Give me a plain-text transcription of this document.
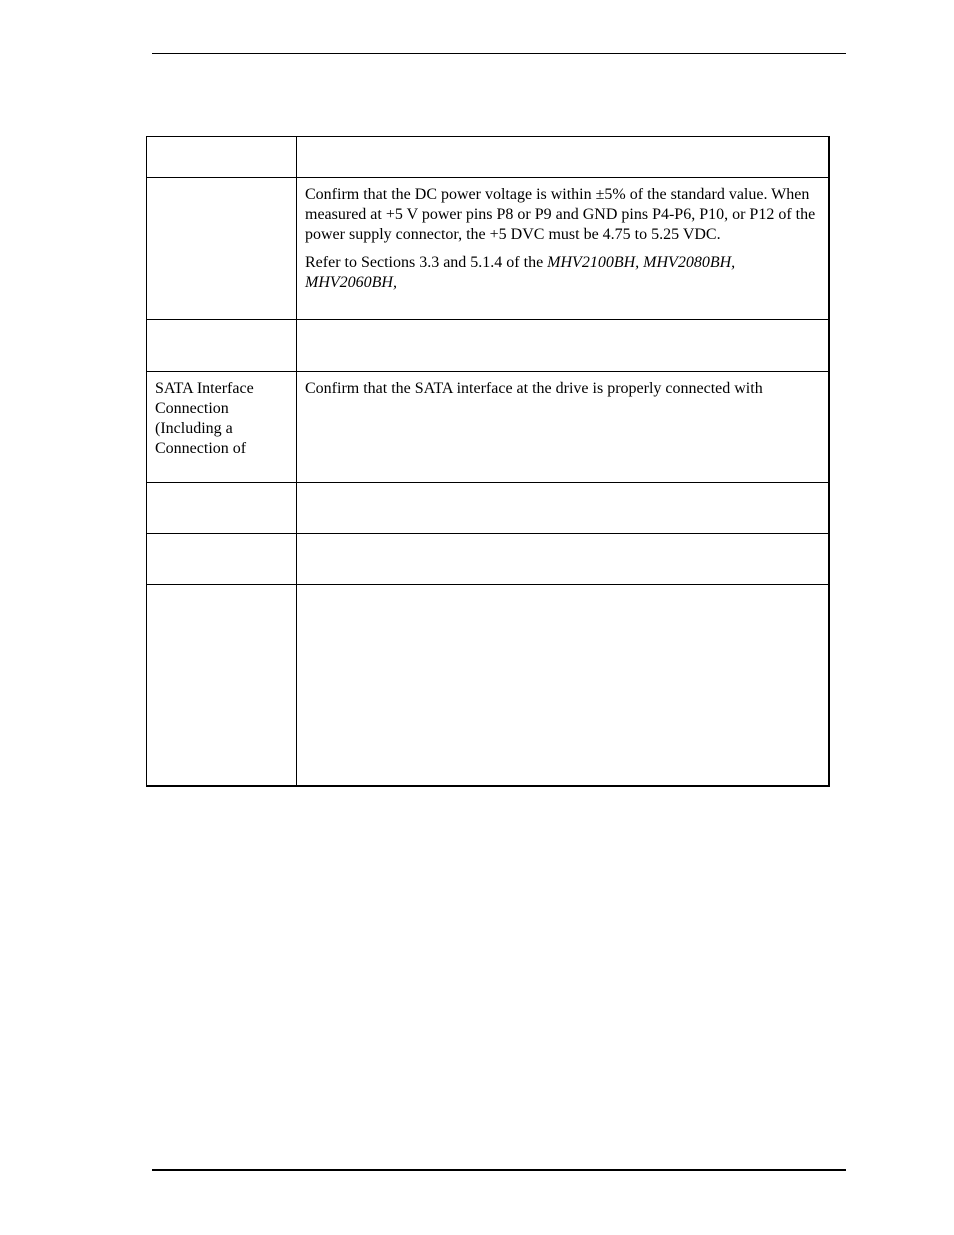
	Confirm that the DC power voltage is within ±5% of the standard value. When measured at +5 V power pins P8 or P9 and GND pins P4-P6, P10, or P12 of the power supply connector, the +5 DVC must be 4.75 to 5.25 VDC.

Refer to Sections 3.3 and 5.1.4 of the MHV2100BH, MHV2080BH, MHV2060BH,

SATA Interface Connection (Including a Connection of	Confirm that the SATA interface at the drive is properly connected with
